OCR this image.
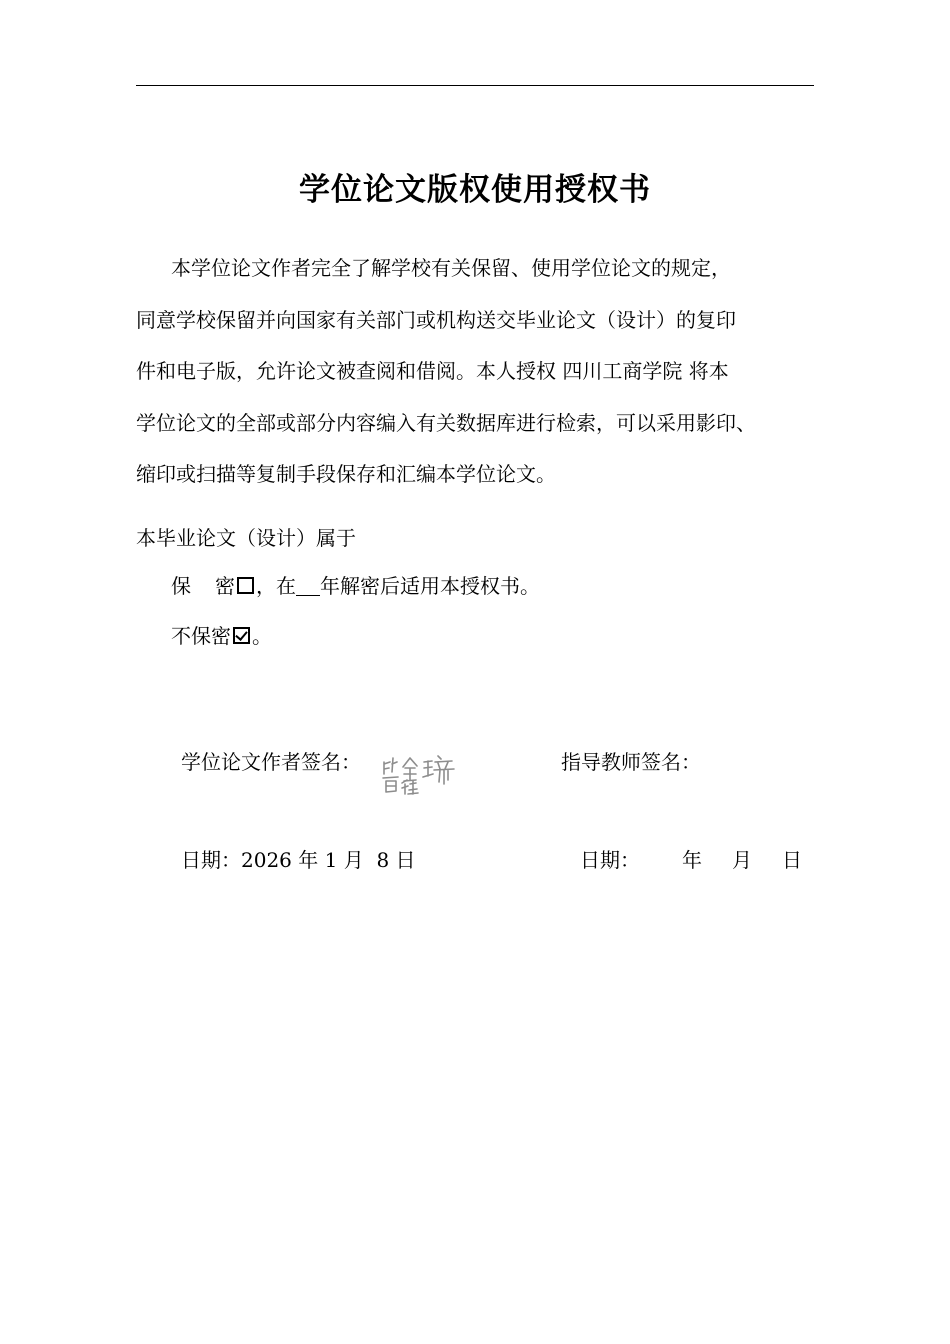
学位论文版权使用授权书
本学位论文作者完全了解学校有关保留、使用学位论文的规定，
同意学校保留并向国家有关部门或机构送交毕业论文（设计）的复印
件和电子版，允许论文被查阅和借阅。本人授权 四川工商学院 将本
学位论文的全部或部分内容编入有关数据库进行检索，可以采用影印、
缩印或扫描等复制手段保存和汇编本学位论文。
本毕业论文（设计）属于
保 密 ，在 年解密后适用本授权书。
不保密 。
学位论文作者签名：	指导教师签名：
日期：2026 年 1 月 8 日	日期： 年 月 日
